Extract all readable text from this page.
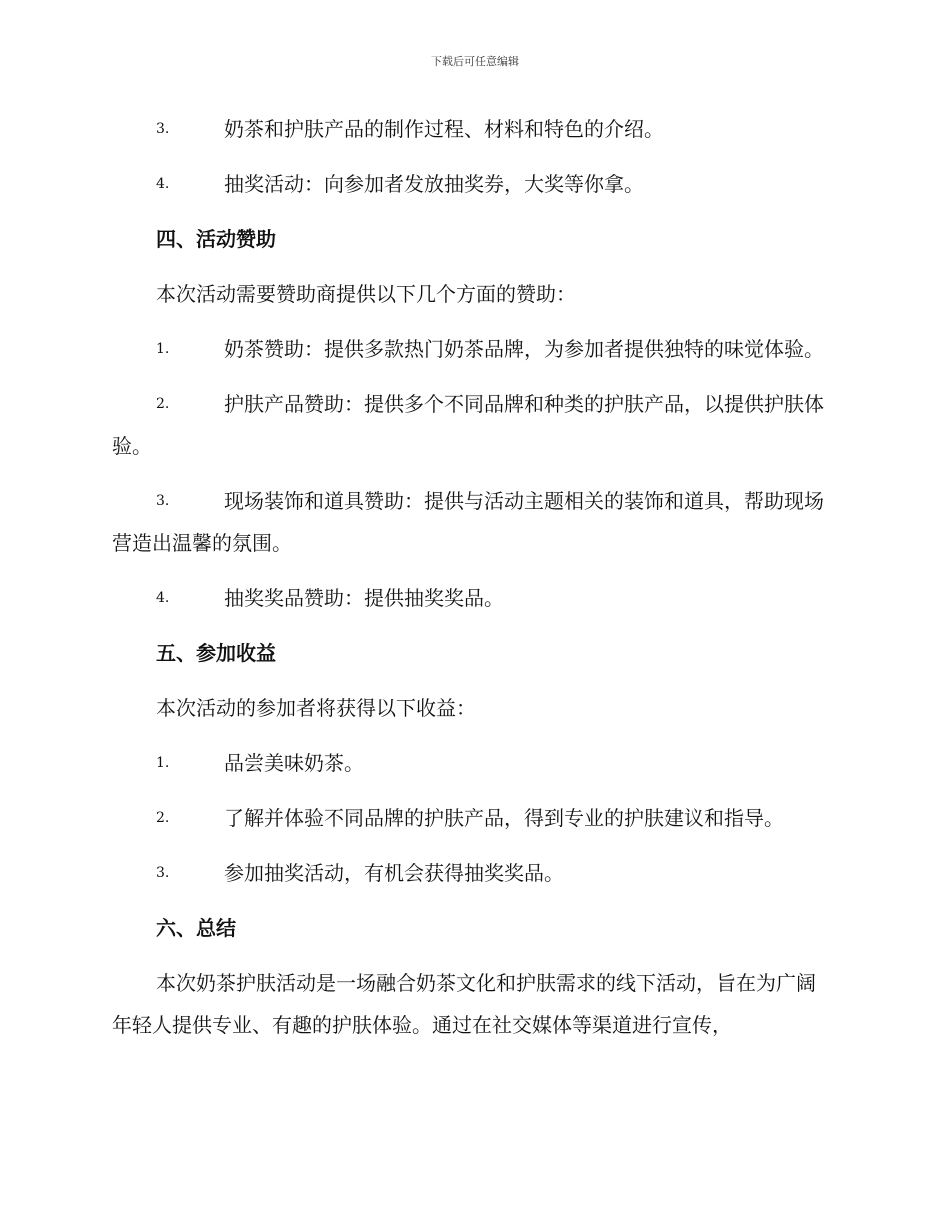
下载后可任意编辑
3.	奶茶和护肤产品的制作过程、材料和特色的介绍。
4.	抽奖活动：向参加者发放抽奖券，大奖等你拿。
四、活动赞助
本次活动需要赞助商提供以下几个方面的赞助：
1.	奶茶赞助：提供多款热门奶茶品牌，为参加者提供独特的味觉体验。
2.	护肤产品赞助：提供多个不同品牌和种类的护肤产品，以提供护肤体验。
3.	现场装饰和道具赞助：提供与活动主题相关的装饰和道具，帮助现场营造出温馨的氛围。
4.	抽奖奖品赞助：提供抽奖奖品。
五、参加收益
本次活动的参加者将获得以下收益：
1.	品尝美味奶茶。
2.	了解并体验不同品牌的护肤产品，得到专业的护肤建议和指导。
3.	参加抽奖活动，有机会获得抽奖奖品。
六、总结
本次奶茶护肤活动是一场融合奶茶文化和护肤需求的线下活动，旨在为广阔年轻人提供专业、有趣的护肤体验。通过在社交媒体等渠道进行宣传，
